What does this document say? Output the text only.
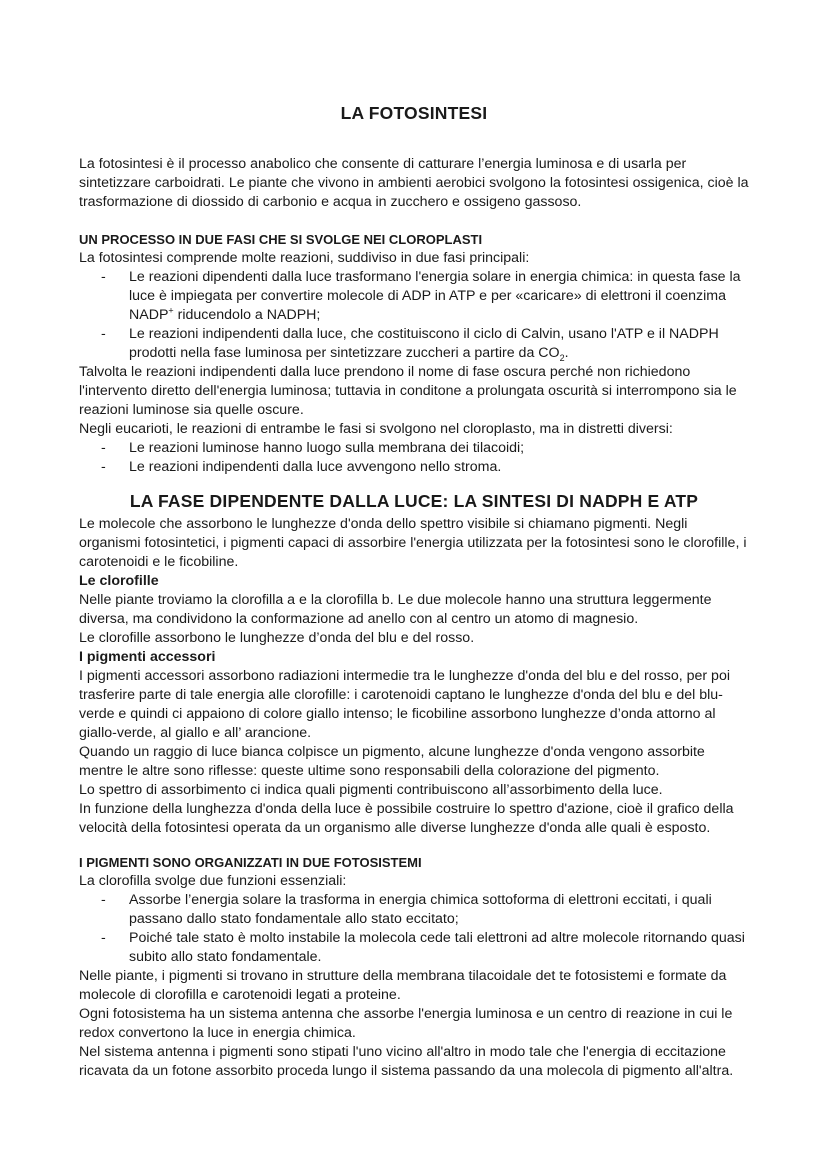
LA FOTOSINTESI

La fotosintesi è il processo anabolico che consente di catturare l’energia luminosa e di usarla per sintetizzare carboidrati. Le piante che vivono in ambienti aerobici svolgono la fotosintesi ossigenica, cioè la trasformazione di diossido di carbonio e acqua in zucchero e ossigeno gassoso.

UN PROCESSO IN DUE FASI CHE SI SVOLGE NEI CLOROPLASTI

La fotosintesi comprende molte reazioni, suddiviso in due fasi principali:

- Le reazioni dipendenti dalla luce trasformano l'energia solare in energia chimica: in questa fase la luce è impiegata per convertire molecole di ADP in ATP e per «caricare» di elettroni il coenzima NADP+ riducendolo a NADPH;
- Le reazioni indipendenti dalla luce, che costituiscono il ciclo di Calvin, usano l'ATP e il NADPH prodotti nella fase luminosa per sintetizzare zuccheri a partire da $CO_2$.

Talvolta le reazioni indipendenti dalla luce prendono il nome di fase oscura perché non richiedono l'intervento diretto dell'energia luminosa; tuttavia in conditone a prolungata oscurità si interrompono sia le reazioni luminose sia quelle oscure.

Negli eucarioti, le reazioni di entrambe le fasi si svolgono nel cloroplasto, ma in distretti diversi:

- Le reazioni luminose hanno luogo sulla membrana dei tilacoidi;
- Le reazioni indipendenti dalla luce avvengono nello stroma.
LA FASE DIPENDENTE DALLA LUCE: LA SINTESI DI NADPH E ATP

Le molecole che assorbono le lunghezze d'onda dello spettro visibile si chiamano pigmenti. Negli organismi fotosintetici, i pigmenti capaci di assorbire l'energia utilizzata per la fotosintesi sono le clorofille, i carotenoidi e le ficobiline.

Le clorofille

Nelle piante troviamo la clorofilla a e la clorofilla b. Le due molecole hanno una struttura leggermente diversa, ma condividono la conformazione ad anello con al centro un atomo di magnesio.

Le clorofille assorbono le lunghezze d’onda del blu e del rosso.

I pigmenti accessori

I pigmenti accessori assorbono radiazioni intermedie tra le lunghezze d'onda del blu e del rosso, per poi trasferire parte di tale energia alle clorofille: i carotenoidi captano le lunghezze d'onda del blu e del blu-verde e quindi ci appaiono di colore giallo intenso; le ficobiline assorbono lunghezze d’onda attorno al giallo-verde, al giallo e all’ arancione.

Quando un raggio di luce bianca colpisce un pigmento, alcune lunghezze d'onda vengono assorbite mentre le altre sono riflesse: queste ultime sono responsabili della colorazione del pigmento.

Lo spettro di assorbimento ci indica quali pigmenti contribuiscono all’assorbimento della luce.

In funzione della lunghezza d'onda della luce è possibile costruire lo spettro d'azione, cioè il grafico della velocità della fotosintesi operata da un organismo alle diverse lunghezze d'onda alle quali è esposto.

I PIGMENTI SONO ORGANIZZATI IN DUE FOTOSISTEMI

La clorofilla svolge due funzioni essenziali:

- Assorbe l’energia solare la trasforma in energia chimica sottoforma di elettroni eccitati, i quali passano dallo stato fondamentale allo stato eccitato;
- Poiché tale stato è molto instabile la molecola cede tali elettroni ad altre molecole ritornando quasi subito allo stato fondamentale.

Nelle piante, i pigmenti si trovano in strutture della membrana tilacoidale det te fotosistemi e formate da molecole di clorofilla e carotenoidi legati a proteine.

Ogni fotosistema ha un sistema antenna che assorbe l'energia luminosa e un centro di reazione in cui le redox convertono la luce in energia chimica.

Nel sistema antenna i pigmenti sono stipati l'uno vicino all'altro in modo tale che l'energia di eccitazione ricavata da un fotone assorbito proceda lungo il sistema passando da una molecola di pigmento all'altra.
